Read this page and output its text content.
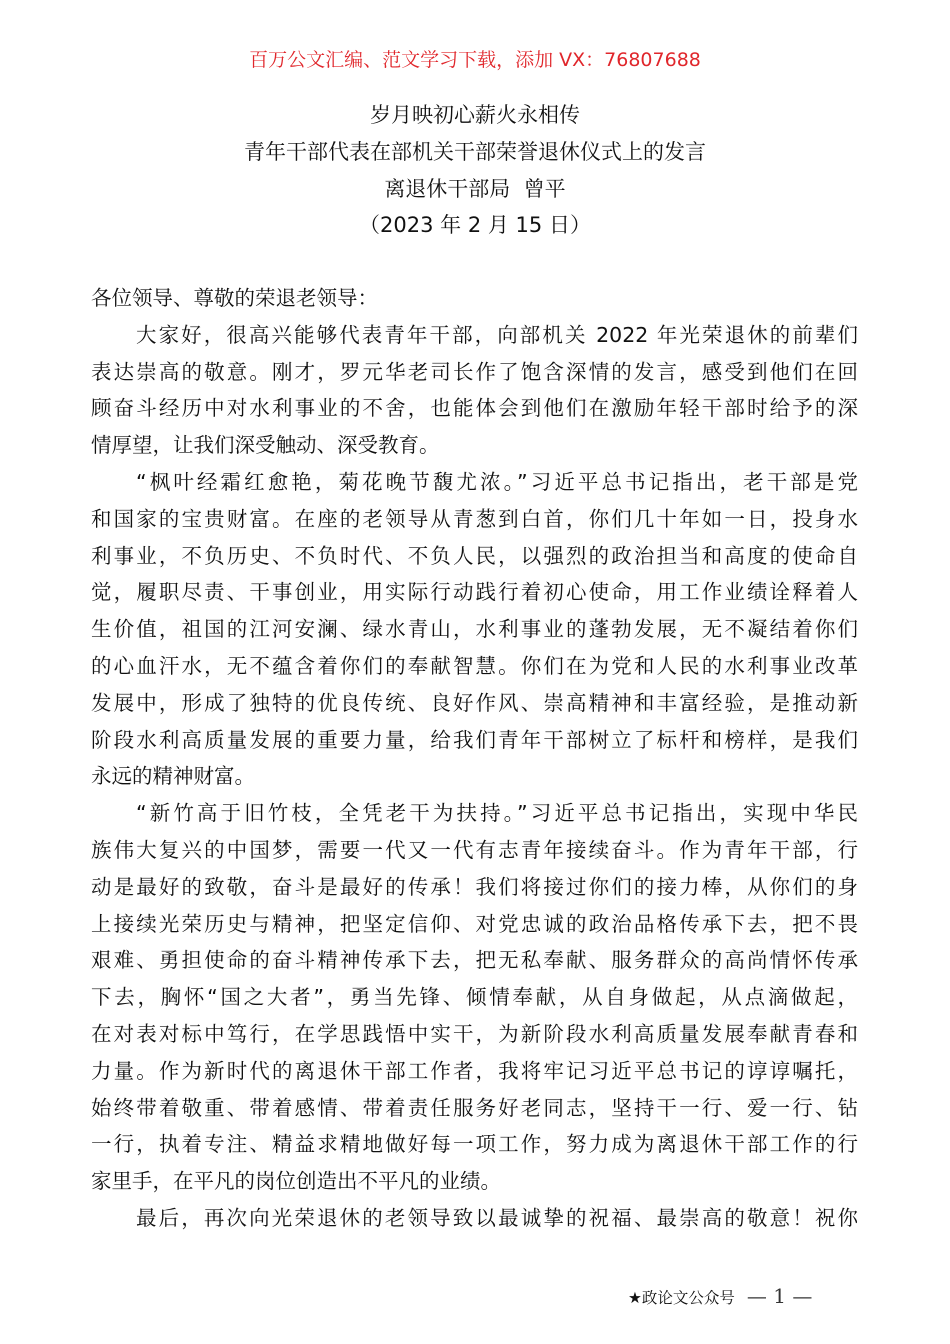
百万公文汇编、范文学习下载，添加 VX：76807688
岁月映初心薪火永相传
青年干部代表在部机关干部荣誉退休仪式上的发言
离退休干部局  曾平
（2023 年 2 月 15 日）
各位领导、尊敬的荣退老领导：
大家好，很高兴能够代表青年干部，向部机关 2022 年光荣退休的前辈们
表达崇高的敬意。刚才，罗元华老司长作了饱含深情的发言，感受到他们在回
顾奋斗经历中对水利事业的不舍，也能体会到他们在激励年轻干部时给予的深
情厚望，让我们深受触动、深受教育。
“枫叶经霜红愈艳，菊花晚节馥尤浓。”习近平总书记指出，老干部是党
和国家的宝贵财富。在座的老领导从青葱到白首，你们几十年如一日，投身水
利事业，不负历史、不负时代、不负人民，以强烈的政治担当和高度的使命自
觉，履职尽责、干事创业，用实际行动践行着初心使命，用工作业绩诠释着人
生价值，祖国的江河安澜、绿水青山，水利事业的蓬勃发展，无不凝结着你们
的心血汗水，无不蕴含着你们的奉献智慧。你们在为党和人民的水利事业改革
发展中，形成了独特的优良传统、良好作风、崇高精神和丰富经验，是推动新
阶段水利高质量发展的重要力量，给我们青年干部树立了标杆和榜样，是我们
永远的精神财富。
“新竹高于旧竹枝，全凭老干为扶持。”习近平总书记指出，实现中华民
族伟大复兴的中国梦，需要一代又一代有志青年接续奋斗。作为青年干部，行
动是最好的致敬，奋斗是最好的传承！我们将接过你们的接力棒，从你们的身
上接续光荣历史与精神，把坚定信仰、对党忠诚的政治品格传承下去，把不畏
艰难、勇担使命的奋斗精神传承下去，把无私奉献、服务群众的高尚情怀传承
下去，胸怀“国之大者”，勇当先锋、倾情奉献，从自身做起，从点滴做起，
在对表对标中笃行，在学思践悟中实干，为新阶段水利高质量发展奉献青春和
力量。作为新时代的离退休干部工作者，我将牢记习近平总书记的谆谆嘱托，
始终带着敬重、带着感情、带着责任服务好老同志，坚持干一行、爱一行、钻
一行，执着专注、精益求精地做好每一项工作，努力成为离退休干部工作的行
家里手，在平凡的岗位创造出不平凡的业绩。
最后，再次向光荣退休的老领导致以最诚挚的祝福、最崇高的敬意！祝你
★政论文公众号 — 1 —
